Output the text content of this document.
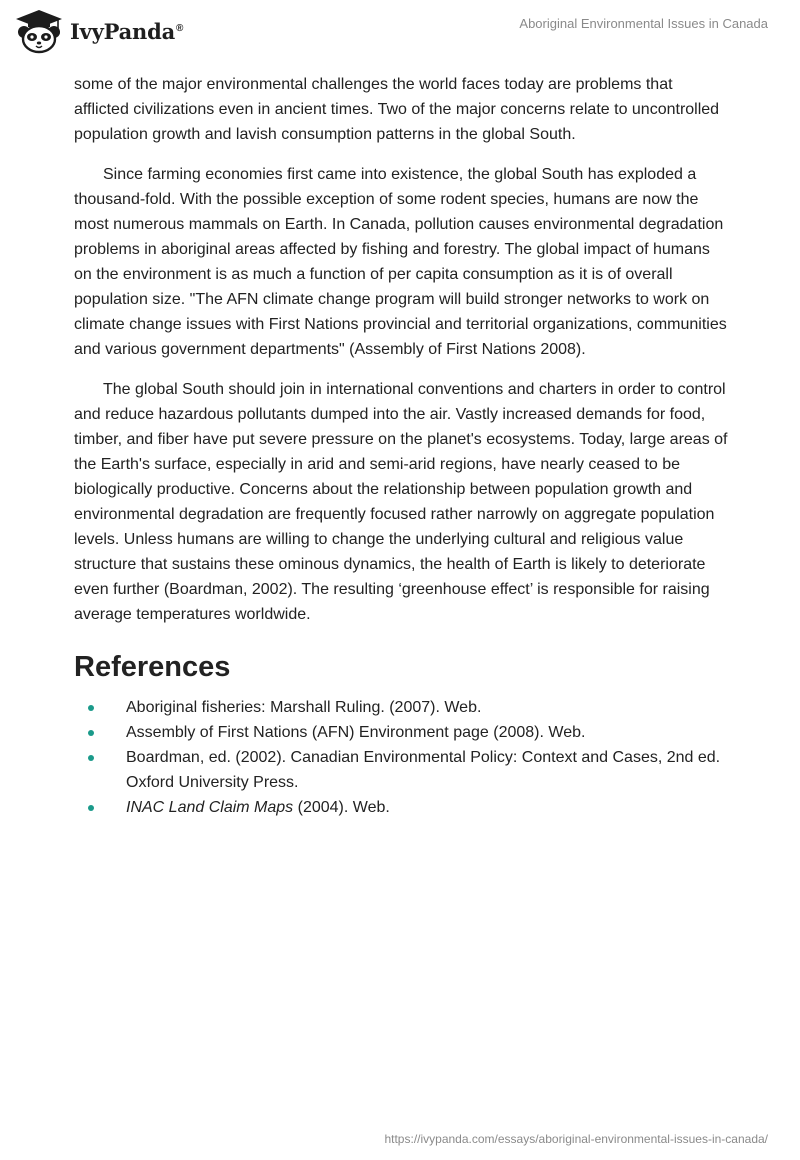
IvyPanda®	Aboriginal Environmental Issues in Canada

some of the major environmental challenges the world faces today are problems that afflicted civilizations even in ancient times. Two of the major concerns relate to uncontrolled population growth and lavish consumption patterns in the global South.

Since farming economies first came into existence, the global South has exploded a thousand-fold. With the possible exception of some rodent species, humans are now the most numerous mammals on Earth. In Canada, pollution causes environmental degradation problems in aboriginal areas affected by fishing and forestry. The global impact of humans on the environment is as much a function of per capita consumption as it is of overall population size. "The AFN climate change program will build stronger networks to work on climate change issues with First Nations provincial and territorial organizations, communities and various government departments" (Assembly of First Nations 2008).

The global South should join in international conventions and charters in order to control and reduce hazardous pollutants dumped into the air. Vastly increased demands for food, timber, and fiber have put severe pressure on the planet's ecosystems. Today, large areas of the Earth's surface, especially in arid and semi-arid regions, have nearly ceased to be biologically productive. Concerns about the relationship between population growth and environmental degradation are frequently focused rather narrowly on aggregate population levels. Unless humans are willing to change the underlying cultural and religious value structure that sustains these ominous dynamics, the health of Earth is likely to deteriorate even further (Boardman, 2002). The resulting ‘greenhouse effect’ is responsible for raising average temperatures worldwide.

References
Aboriginal fisheries: Marshall Ruling. (2007). Web.
Assembly of First Nations (AFN) Environment page (2008). Web.
Boardman, ed. (2002). Canadian Environmental Policy: Context and Cases, 2nd ed. Oxford University Press.
INAC Land Claim Maps (2004). Web.
https://ivypanda.com/essays/aboriginal-environmental-issues-in-canada/
